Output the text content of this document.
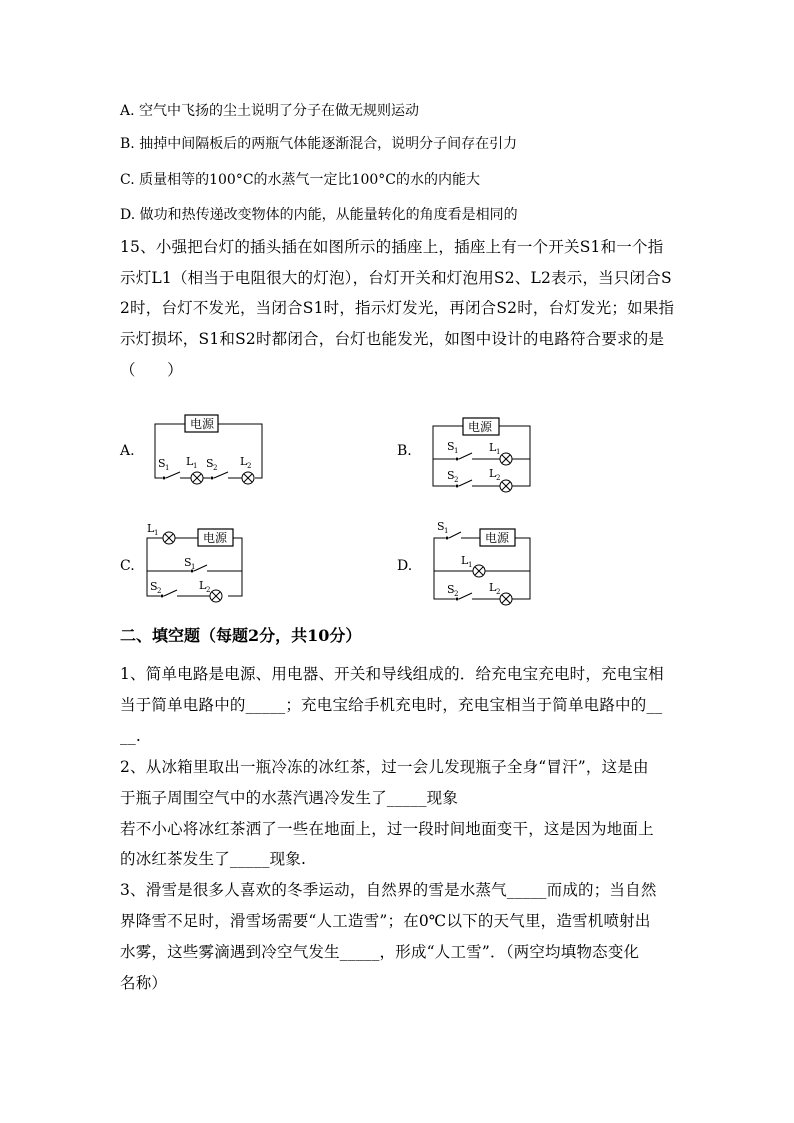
A. 空气中飞扬的尘土说明了分子在做无规则运动
B. 抽掉中间隔板后的两瓶气体能逐渐混合，说明分子间存在引力
C. 质量相等的100°C的水蒸气一定比100°C的水的内能大
D. 做功和热传递改变物体的内能，从能量转化的角度看是相同的
15、小强把台灯的插头插在如图所示的插座上，插座上有一个开关S1和一个指
示灯L1（相当于电阻很大的灯泡），台灯开关和灯泡用S2、L2表示，当只闭合S
2时，台灯不发光，当闭合S1时，指示灯发光，再闭合S2时，台灯发光；如果指
示灯损坏，S1和S2时都闭合，台灯也能发光，如图中设计的电路符合要求的是
（　　）
电源	电源
电源	电源
A.	B.
C.	D.
S 1 L 1 S 2 L 2
S 1	L 1
S 2	L 2
L 1
S 1
S 2	L 2
S 1
L 1
S 2	L 2
二、填空题（每题2分，共10分）
1、简单电路是电源、用电器、开关和导线组成的．给充电宝充电时，充电宝相
当于简单电路中的_____；充电宝给手机充电时，充电宝相当于简单电路中的__
__.
2、从冰箱里取出一瓶冷冻的冰红茶，过一会儿发现瓶子全身“冒汗”，这是由
于瓶子周围空气中的水蒸汽遇冷发生了_____现象
若不小心将冰红茶洒了一些在地面上，过一段时间地面变干，这是因为地面上
的冰红茶发生了_____现象.
3、滑雪是很多人喜欢的冬季运动，自然界的雪是水蒸气_____而成的；当自然
界降雪不足时，滑雪场需要“人工造雪”；在0℃以下的天气里，造雪机喷射出
水雾，这些雾滴遇到冷空气发生_____，形成“人工雪”．（两空均填物态变化
名称）
